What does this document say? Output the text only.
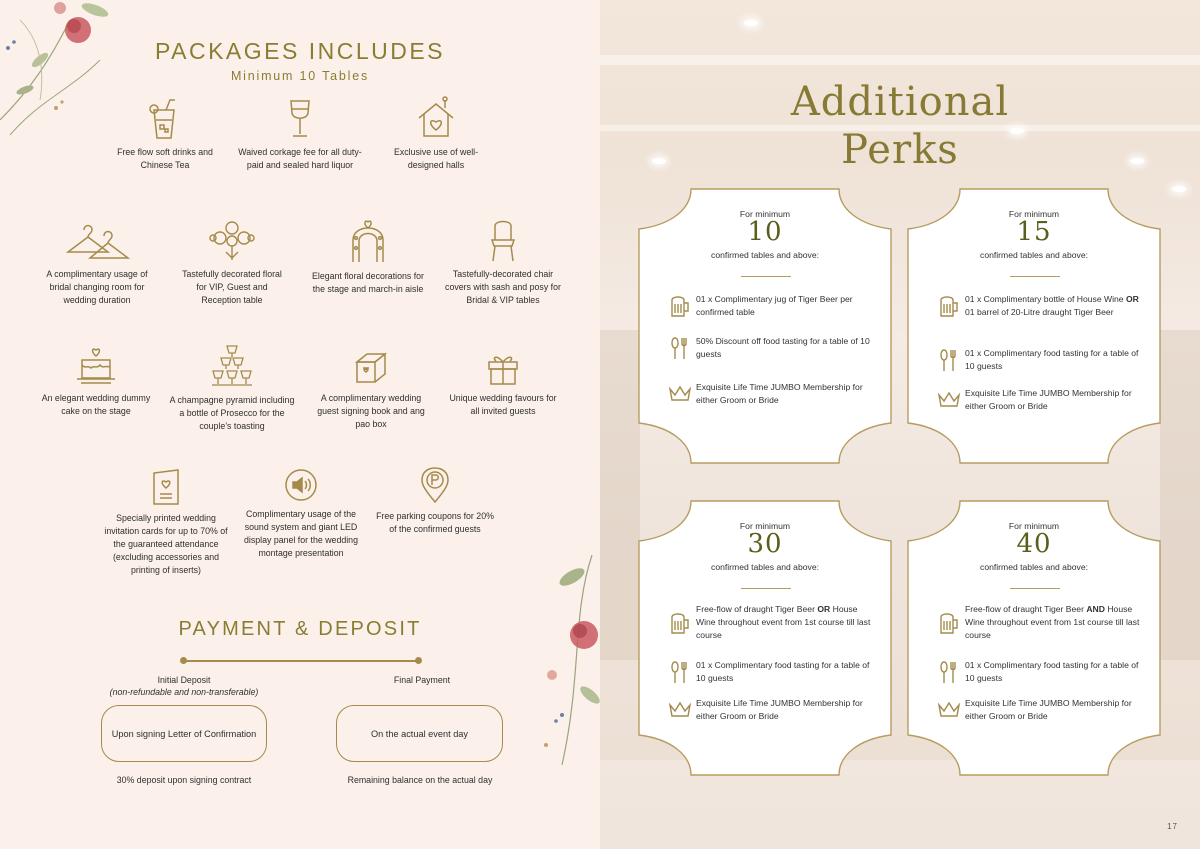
PACKAGES INCLUDES
Minimum 10 Tables
Free flow soft drinks and Chinese Tea
Waived corkage fee for all duty-paid and sealed hard liquor
Exclusive use of well-designed halls
A complimentary usage of bridal changing room for wedding duration
Tastefully decorated floral for VIP, Guest and Reception table
Elegant floral decorations for the stage and march-in aisle
Tastefully-decorated chair covers with sash and posy for Bridal & VIP tables
An elegant wedding dummy cake on the stage
A champagne pyramid including a bottle of Prosecco for the couple’s toasting
A complimentary wedding guest signing book and ang pao box
Unique wedding favours for all invited guests
Specially printed wedding invitation cards for up to 70% of the guaranteed attendance (excluding accessories and printing of inserts)
Complimentary usage of the sound system and giant LED display panel for the wedding montage presentation
Free parking coupons for 20% of the confirmed guests
PAYMENT & DEPOSIT
Initial Deposit
(non-refundable and non-transferable)
Final Payment
Upon signing Letter of Confirmation	On the actual event day
30% deposit upon signing contract	Remaining balance on the actual day
Additional
Perks
For minimum
10
confirmed tables and above:
01 x Complimentary jug of Tiger Beer per confirmed table
50% Discount off food tasting for a table of 10 guests
Exquisite Life Time JUMBO Membership for either Groom or Bride
For minimum
15
confirmed tables and above:
01 x Complimentary bottle of House Wine OR 01 barrel of 20-Litre draught Tiger Beer
01 x Complimentary food tasting for a table of 10 guests
Exquisite Life Time JUMBO Membership for either Groom or Bride
For minimum
30
confirmed tables and above:
Free-flow of draught Tiger Beer OR House Wine throughout event from 1st course till last course
01 x Complimentary food tasting for a table of 10 guests
Exquisite Life Time JUMBO Membership for either Groom or Bride
For minimum
40
confirmed tables and above:
Free-flow of draught Tiger Beer AND House Wine throughout event from 1st course till last course
01 x Complimentary food tasting for a table of 10 guests
Exquisite Life Time JUMBO Membership for either Groom or Bride
17
